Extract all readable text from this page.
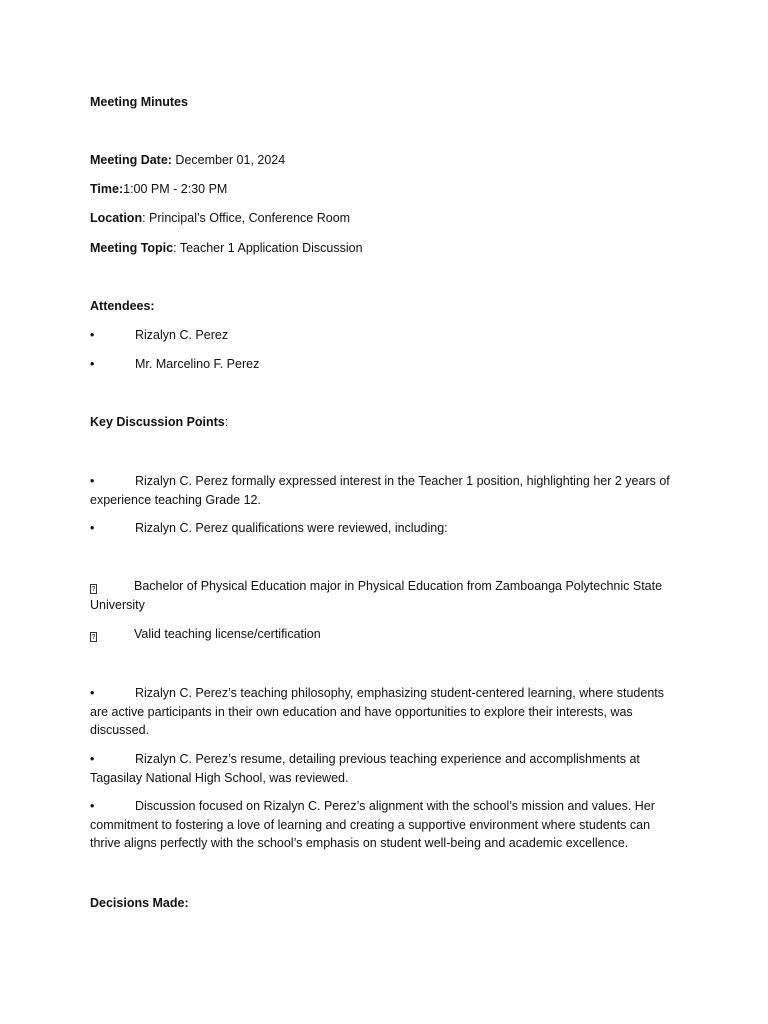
Meeting Minutes

Meeting Date: December 01, 2024

Time:1:00 PM - 2:30 PM

Location: Principal’s Office, Conference Room

Meeting Topic: Teacher 1 Application Discussion

Attendees:

•	Rizalyn C. Perez

•	Mr. Marcelino F. Perez

Key Discussion Points:

•	Rizalyn C. Perez formally expressed interest in the Teacher 1 position, highlighting her 2 years of experience teaching Grade 12.

•	Rizalyn C. Perez qualifications were reviewed, including:

?	Bachelor of Physical Education major in Physical Education from Zamboanga Polytechnic State University

?	Valid teaching license/certification

•	Rizalyn C. Perez’s teaching philosophy, emphasizing student-centered learning, where students are active participants in their own education and have opportunities to explore their interests, was discussed.

•	Rizalyn C. Perez’s resume, detailing previous teaching experience and accomplishments at Tagasilay National High School, was reviewed.

•	Discussion focused on Rizalyn C. Perez’s alignment with the school’s mission and values. Her commitment to fostering a love of learning and creating a supportive environment where students can thrive aligns perfectly with the school’s emphasis on student well-being and academic excellence.

Decisions Made:
